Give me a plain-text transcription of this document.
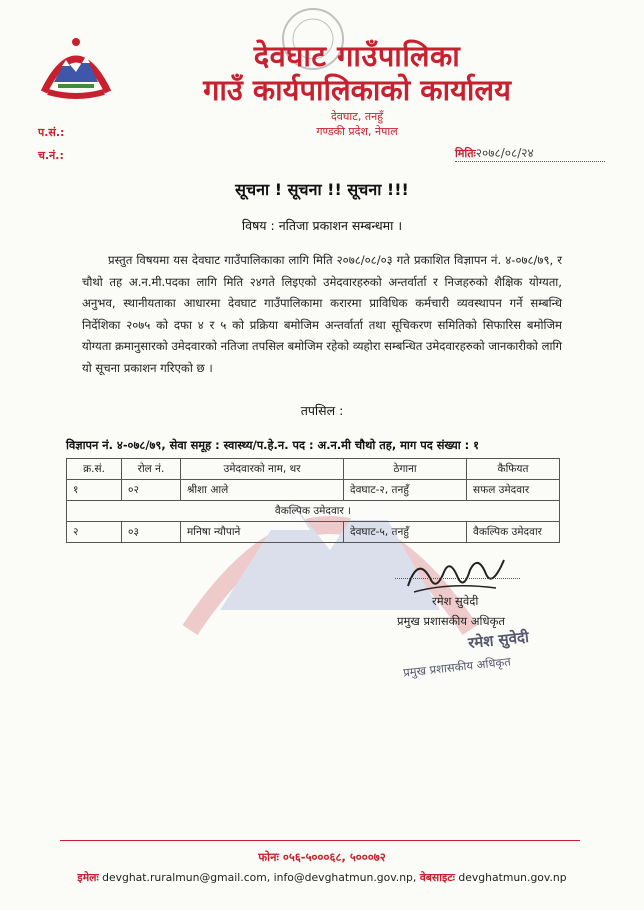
देवघाट गाउँपालिका
गाउँ कार्यपालिकाको कार्यालय
देवघाट, तनहुँ
गण्डकी प्रदेश, नेपाल
प.सं.:
च.नं.:	मितिः२०७८/०८/२४
सूचना ! सूचना !! सूचना !!!
विषय : नतिजा प्रकाशन सम्बन्धमा ।
प्रस्तुत विषयमा यस देवघाट गाउँपालिकाका लागि मिति २०७८/०८/०३ गते प्रकाशित विज्ञापन नं. ४-०७८/७९, र चौथो तह अ.न.मी.पदका लागि मिति २४गते लिइएको उमेदवारहरुको अन्तर्वार्ता र निजहरुको शैक्षिक योग्यता, अनुभव, स्थानीयताका आधारमा देवघाट गाउँपालिकामा करारमा प्राविधिक कर्मचारी व्यवस्थापन गर्ने सम्बन्धि निर्देशिका २०७५ को दफा ४ र ५ को प्रक्रिया बमोजिम अन्तर्वार्ता तथा सूचिकरण समितिको सिफारिस बमोजिम योग्यता क्रमानुसारको उमेदवारको नतिजा तपसिल बमोजिम रहेको व्यहोरा सम्बन्धित उमेदवारहरुको जानकारीको लागि यो सूचना प्रकाशन गरिएको छ ।
तपसिल :
विज्ञापन नं. ४-०७८/७९, सेवा समूह : स्वास्थ्य/प.हे.न. पद : अ.न.मी चौथो तह, माग पद संख्या : १
क्र.सं.	रोल नं.	उमेदवारको नाम, थर	ठेगाना	कैफियत
१	०२	श्रीशा आले	देवघाट-२, तनहुँ	सफल उमेदवार
वैकल्पिक उमेदवार ।				
२	०३	मनिषा न्यौपाने	देवघाट-५, तनहुँ	वैकल्पिक उमेदवार
रमेश सुवेदी
प्रमुख प्रशासकीय अधिकृत
रमेश सुवेदी
प्रमुख प्रशासकीय अधिकृत
फोनः ०५६-५०००६८, ५०००७२
इमेलः devghat.ruralmun@gmail.com, info@devghatmun.gov.np, वेबसाइटः devghatmun.gov.np
